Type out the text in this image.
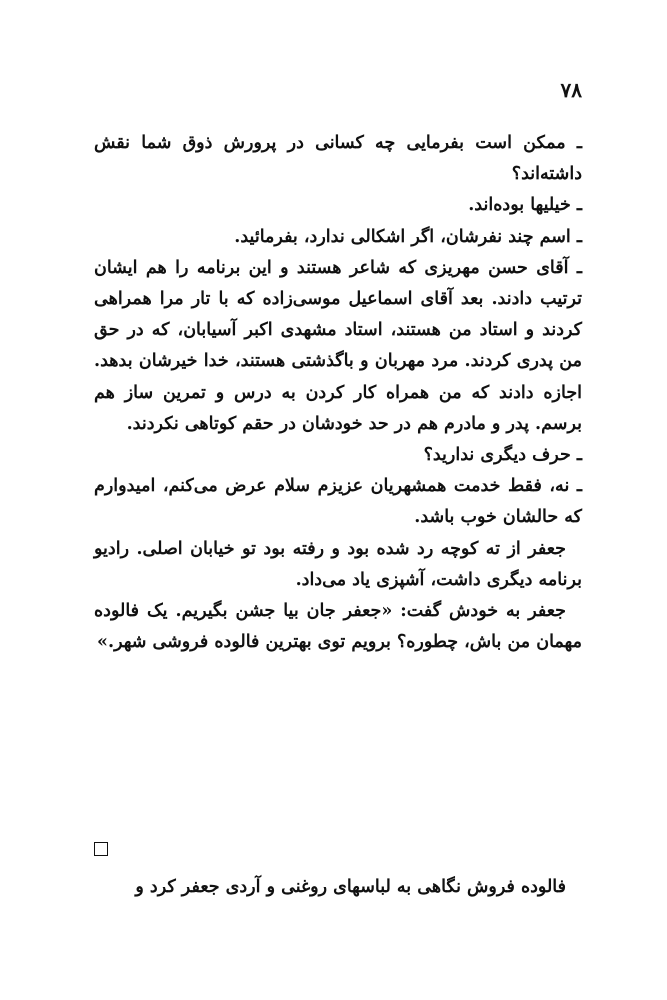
۷۸

ـ ممکن است بفرمایی چه کسانی در پرورش ذوق شما نقش داشته‌اند؟

ـ خیلیها بوده‌اند.

ـ اسم چند نفرشان، اگر اشکالی ندارد، بفرمائید.

ـ آقای حسن مهریزی که شاعر هستند و این برنامه را هم ایشان ترتیب دادند. بعد آقای اسماعیل موسی‌زاده که با تار مرا همراهی کردند و استاد من هستند، استاد مشهدی اکبر آسیابان، که در حق من پدری کردند. مرد مهربان و باگذشتی هستند، خدا خیرشان بدهد. اجازه دادند که من همراه کار کردن به درس و تمرین ساز هم برسم. پدر و مادرم هم در حد خودشان در حقم کوتاهی نکردند.

ـ حرف دیگری ندارید؟

ـ نه، فقط خدمت همشهریان عزیزم سلام عرض می‌کنم، امیدوارم که حالشان خوب باشد.

جعفر از ته کوچه رد شده بود و رفته بود تو خیابان اصلی. رادیو برنامه دیگری داشت، آشپزی یاد می‌داد.

جعفر به خودش گفت: «جعفر جان بیا جشن بگیریم. یک فالوده مهمان من باش، چطوره؟ برویم توی بهترین فالوده فروشی شهر.»

فالوده فروش نگاهی به لباسهای روغنی و آردی جعفر کرد و
